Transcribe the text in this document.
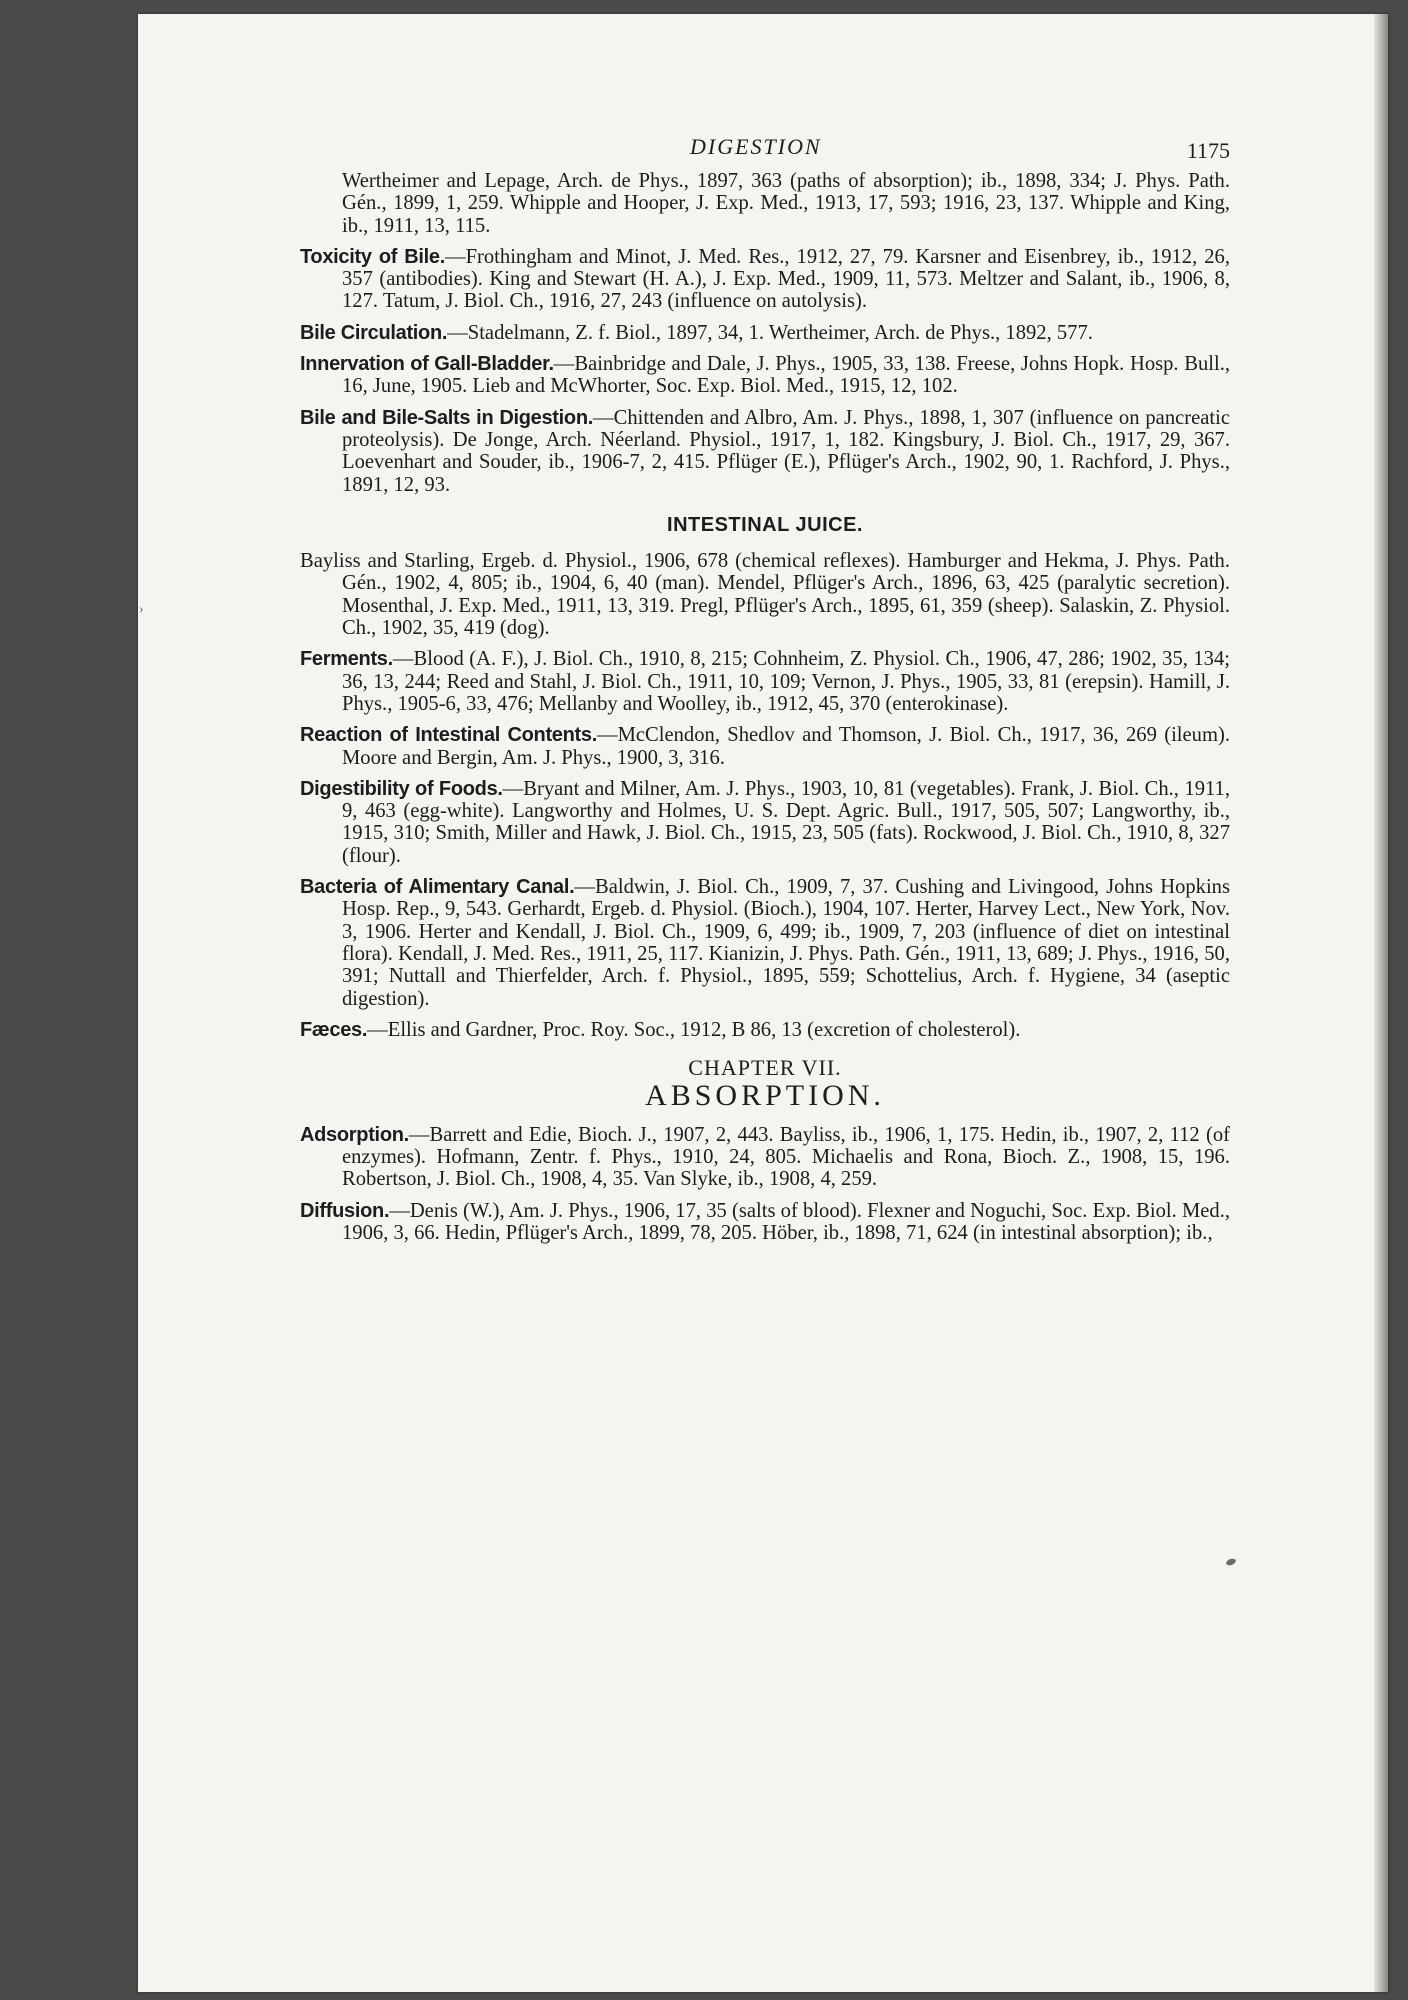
›
DIGESTION	1175
Wertheimer and Lepage, Arch. de Phys., 1897, 363 (paths of absorption); ib., 1898, 334; J. Phys. Path. Gén., 1899, 1, 259. Whipple and Hooper, J. Exp. Med., 1913, 17, 593; 1916, 23, 137. Whipple and King, ib., 1911, 13, 115.
Toxicity of Bile.—Frothingham and Minot, J. Med. Res., 1912, 27, 79. Karsner and Eisenbrey, ib., 1912, 26, 357 (antibodies). King and Stewart (H. A.), J. Exp. Med., 1909, 11, 573. Meltzer and Salant, ib., 1906, 8, 127. Tatum, J. Biol. Ch., 1916, 27, 243 (influence on autolysis).
Bile Circulation.—Stadelmann, Z. f. Biol., 1897, 34, 1. Wertheimer, Arch. de Phys., 1892, 577.
Innervation of Gall-Bladder.—Bainbridge and Dale, J. Phys., 1905, 33, 138. Freese, Johns Hopk. Hosp. Bull., 16, June, 1905. Lieb and McWhorter, Soc. Exp. Biol. Med., 1915, 12, 102.
Bile and Bile-Salts in Digestion.—Chittenden and Albro, Am. J. Phys., 1898, 1, 307 (influence on pancreatic proteolysis). De Jonge, Arch. Néerland. Physiol., 1917, 1, 182. Kingsbury, J. Biol. Ch., 1917, 29, 367. Loevenhart and Souder, ib., 1906-7, 2, 415. Pflüger (E.), Pflüger's Arch., 1902, 90, 1. Rachford, J. Phys., 1891, 12, 93.
INTESTINAL JUICE.
Bayliss and Starling, Ergeb. d. Physiol., 1906, 678 (chemical reflexes). Hamburger and Hekma, J. Phys. Path. Gén., 1902, 4, 805; ib., 1904, 6, 40 (man). Mendel, Pflüger's Arch., 1896, 63, 425 (paralytic secretion). Mosenthal, J. Exp. Med., 1911, 13, 319. Pregl, Pflüger's Arch., 1895, 61, 359 (sheep). Salaskin, Z. Physiol. Ch., 1902, 35, 419 (dog).
Ferments.—Blood (A. F.), J. Biol. Ch., 1910, 8, 215; Cohnheim, Z. Physiol. Ch., 1906, 47, 286; 1902, 35, 134; 36, 13, 244; Reed and Stahl, J. Biol. Ch., 1911, 10, 109; Vernon, J. Phys., 1905, 33, 81 (erepsin). Hamill, J. Phys., 1905-6, 33, 476; Mellanby and Woolley, ib., 1912, 45, 370 (enterokinase).
Reaction of Intestinal Contents.—McClendon, Shedlov and Thomson, J. Biol. Ch., 1917, 36, 269 (ileum). Moore and Bergin, Am. J. Phys., 1900, 3, 316.
Digestibility of Foods.—Bryant and Milner, Am. J. Phys., 1903, 10, 81 (vegetables). Frank, J. Biol. Ch., 1911, 9, 463 (egg-white). Langworthy and Holmes, U. S. Dept. Agric. Bull., 1917, 505, 507; Langworthy, ib., 1915, 310; Smith, Miller and Hawk, J. Biol. Ch., 1915, 23, 505 (fats). Rockwood, J. Biol. Ch., 1910, 8, 327 (flour).
Bacteria of Alimentary Canal.—Baldwin, J. Biol. Ch., 1909, 7, 37. Cushing and Livingood, Johns Hopkins Hosp. Rep., 9, 543. Gerhardt, Ergeb. d. Physiol. (Bioch.), 1904, 107. Herter, Harvey Lect., New York, Nov. 3, 1906. Herter and Kendall, J. Biol. Ch., 1909, 6, 499; ib., 1909, 7, 203 (influence of diet on intestinal flora). Kendall, J. Med. Res., 1911, 25, 117. Kianizin, J. Phys. Path. Gén., 1911, 13, 689; J. Phys., 1916, 50, 391; Nuttall and Thierfelder, Arch. f. Physiol., 1895, 559; Schottelius, Arch. f. Hygiene, 34 (aseptic digestion).
Fæces.—Ellis and Gardner, Proc. Roy. Soc., 1912, B 86, 13 (excretion of cholesterol).
CHAPTER VII.
ABSORPTION.
Adsorption.—Barrett and Edie, Bioch. J., 1907, 2, 443. Bayliss, ib., 1906, 1, 175. Hedin, ib., 1907, 2, 112 (of enzymes). Hofmann, Zentr. f. Phys., 1910, 24, 805. Michaelis and Rona, Bioch. Z., 1908, 15, 196. Robertson, J. Biol. Ch., 1908, 4, 35. Van Slyke, ib., 1908, 4, 259.
Diffusion.—Denis (W.), Am. J. Phys., 1906, 17, 35 (salts of blood). Flexner and Noguchi, Soc. Exp. Biol. Med., 1906, 3, 66. Hedin, Pflüger's Arch., 1899, 78, 205. Höber, ib., 1898, 71, 624 (in intestinal absorption); ib.,
